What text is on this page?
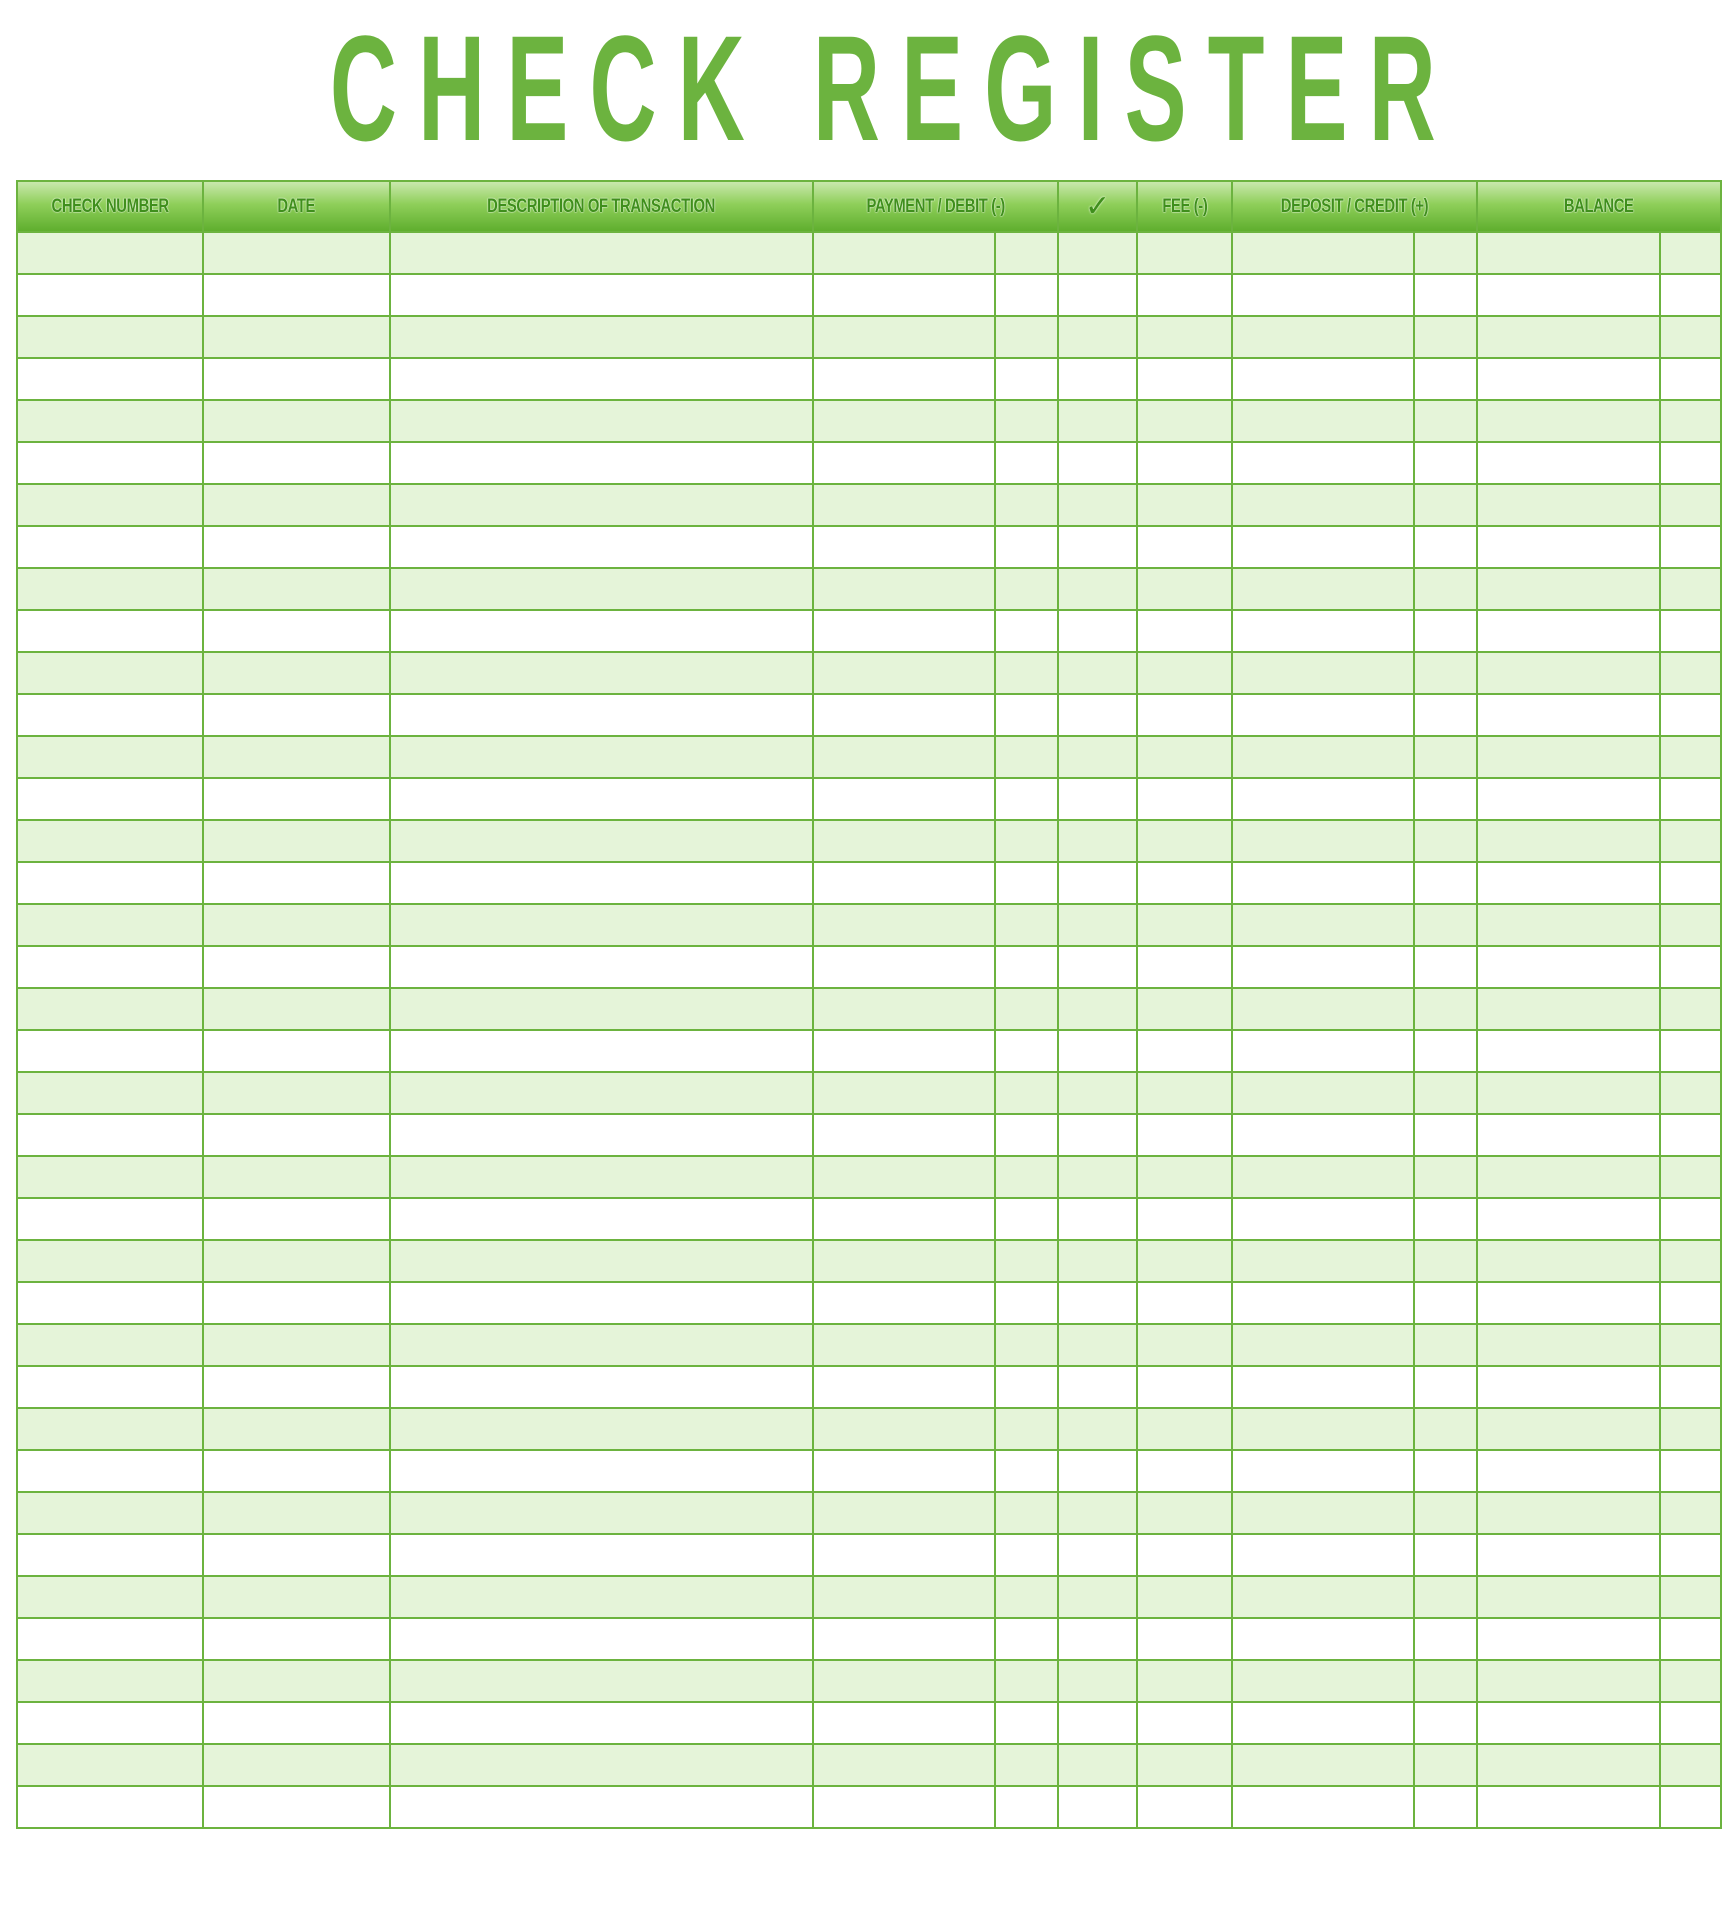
CHECK REGISTER
CHECK NUMBER	DATE	DESCRIPTION OF TRANSACTION	PAYMENT / DEBIT (-)		✓	FEE (-)	DEPOSIT / CREDIT (+)		BALANCE	
